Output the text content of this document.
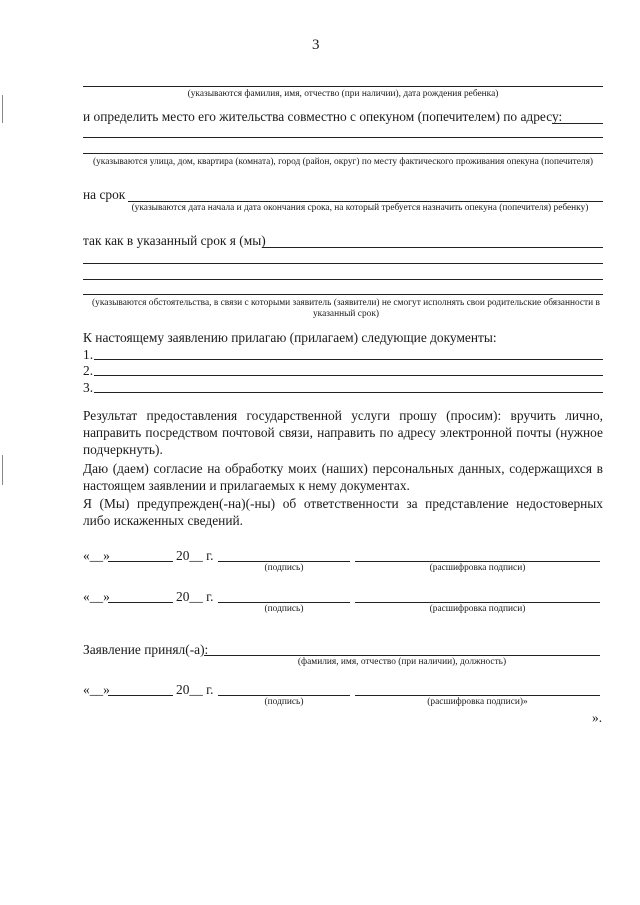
3
(указываются фамилия, имя, отчество (при наличии), дата рождения ребенка)
и определить место его жительства совместно с опекуном (попечителем) по адресу:
(указываются улица, дом, квартира (комната), город (район, округ) по месту фактического проживания опекуна (попечителя)
на срок
(указываются дата начала и дата окончания срока, на который требуется назначить опекуна (попечителя) ребенку)
так как в указанный срок я (мы)
(указываются обстоятельства, в связи с которыми заявитель (заявители) не смогут исполнять свои родительские обязанности в указанный срок)
К настоящему заявлению прилагаю (прилагаем) следующие документы:
1.
2.
3.
Результат предоставления государственной услуги прошу (просим): вручить лично, направить посредством почтовой связи, направить по адресу электронной почты (нужное подчеркнуть).
Даю (даем) согласие на обработку моих (наших) персональных данных, содержащихся в настоящем заявлении и прилагаемых к нему документах.
Я (Мы) предупрежден(-на)(-ны) об ответственности за представление недостоверных либо искаженных сведений.
«__»	20__ г.
(подпись)	(расшифровка подписи)
«__»	20__ г.
(подпись)	(расшифровка подписи)
Заявление принял(-а):
(фамилия, имя, отчество (при наличии), должность)
«__»	20__ г.
(подпись)	(расшифровка подписи)»
».
